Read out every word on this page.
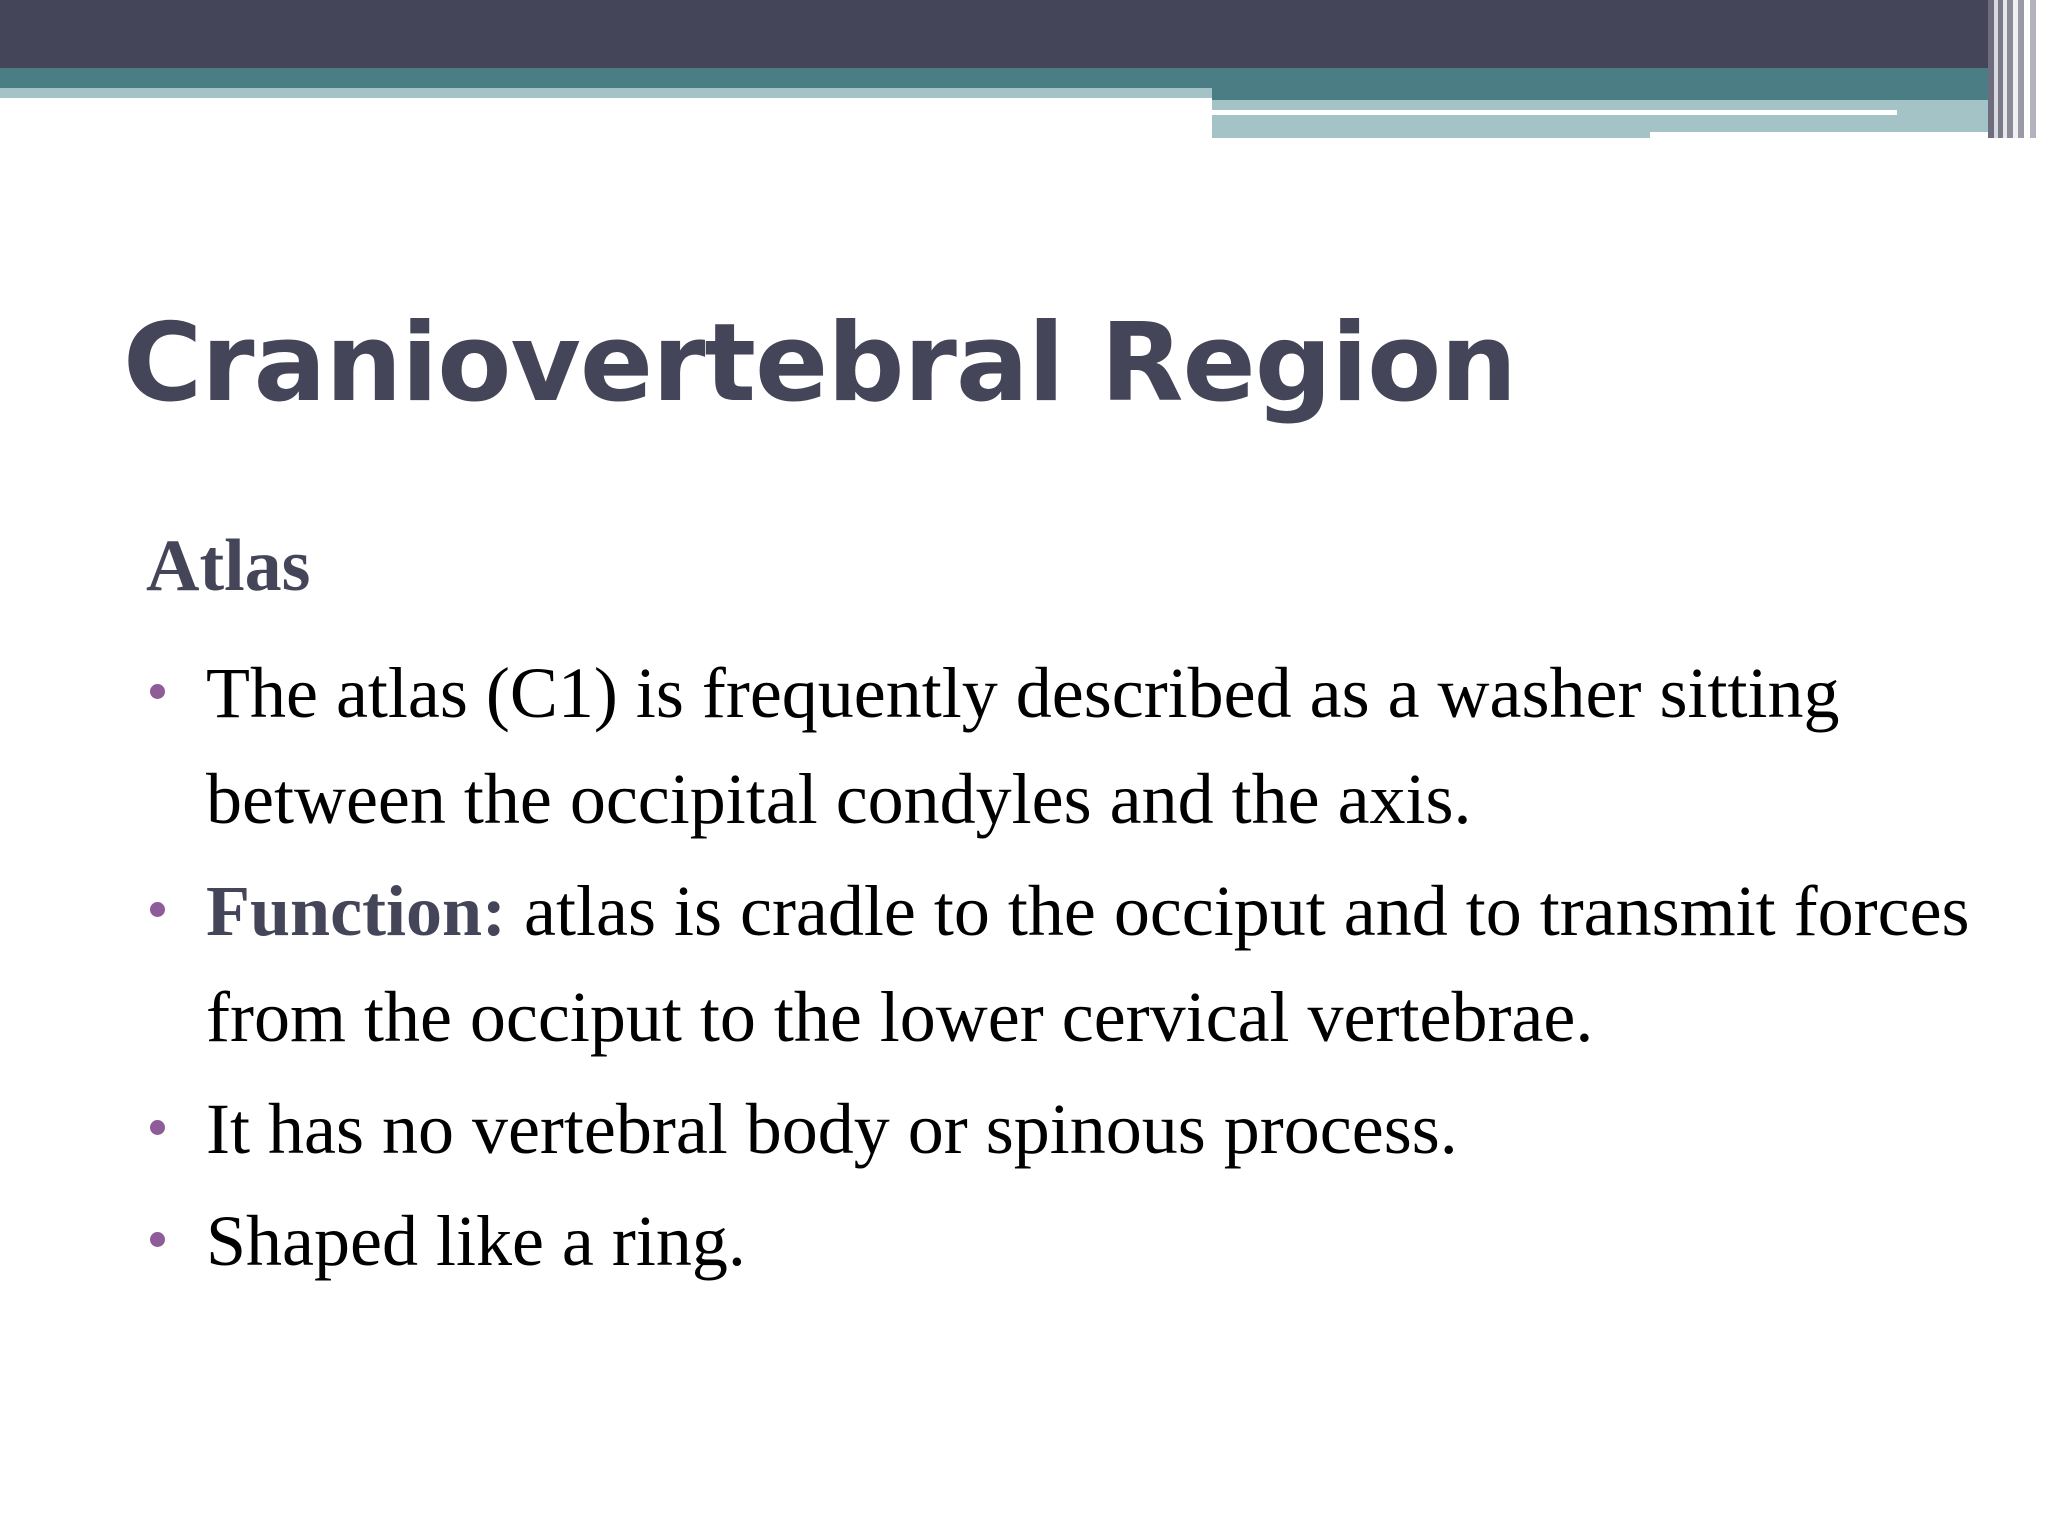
Craniovertebral Region
Atlas
The atlas (C1) is frequently described as a washer sitting between the occipital condyles and the axis.
Function: atlas is cradle to the occiput and to transmit forces from the occiput to the lower cervical vertebrae.
It has no vertebral body or spinous process.
Shaped like a ring.
